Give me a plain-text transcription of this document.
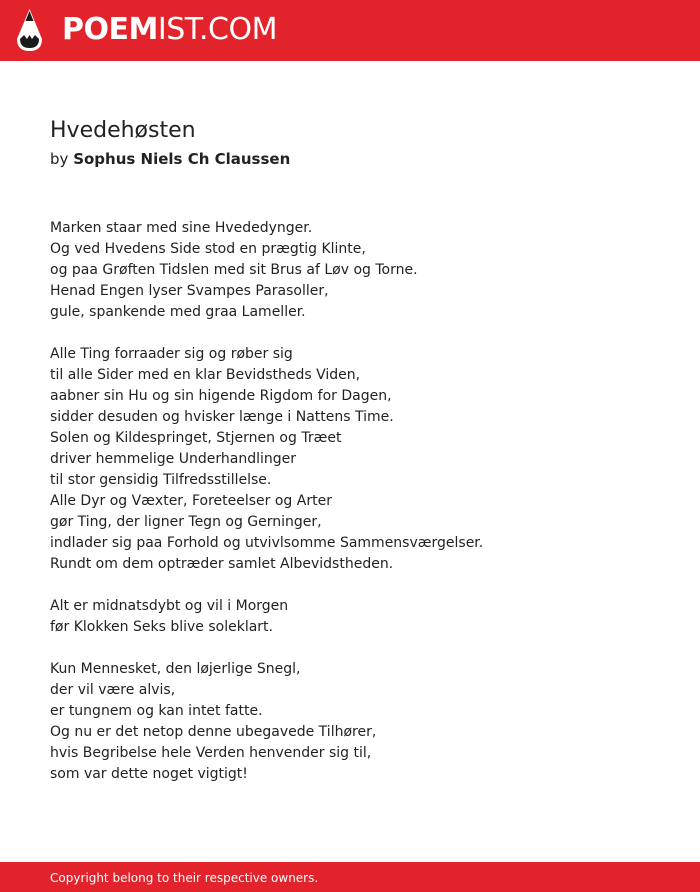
POEMIST.COM
Hvedehøsten
by Sophus Niels Ch Claussen
Marken staar med sine Hvededynger.
Og ved Hvedens Side stod en prægtig Klinte,
og paa Grøften Tidslen med sit Brus af Løv og Torne.
Henad Engen lyser Svampes Parasoller,
gule, spankende med graa Lameller.
Alle Ting forraader sig og røber sig
til alle Sider med en klar Bevidstheds Viden,
aabner sin Hu og sin higende Rigdom for Dagen,
sidder desuden og hvisker længe i Nattens Time.
Solen og Kildespringet, Stjernen og Træet
driver hemmelige Underhandlinger
til stor gensidig Tilfredsstillelse.
Alle Dyr og Væxter, Foreteelser og Arter
gør Ting, der ligner Tegn og Gerninger,
indlader sig paa Forhold og utvivlsomme Sammensværgelser.
Rundt om dem optræder samlet Albevidstheden.
Alt er midnatsdybt og vil i Morgen
før Klokken Seks blive soleklart.
Kun Mennesket, den løjerlige Snegl,
der vil være alvis,
er tungnem og kan intet fatte.
Og nu er det netop denne ubegavede Tilhører,
hvis Begribelse hele Verden henvender sig til,
som var dette noget vigtigt!
Copyright belong to their respective owners.
